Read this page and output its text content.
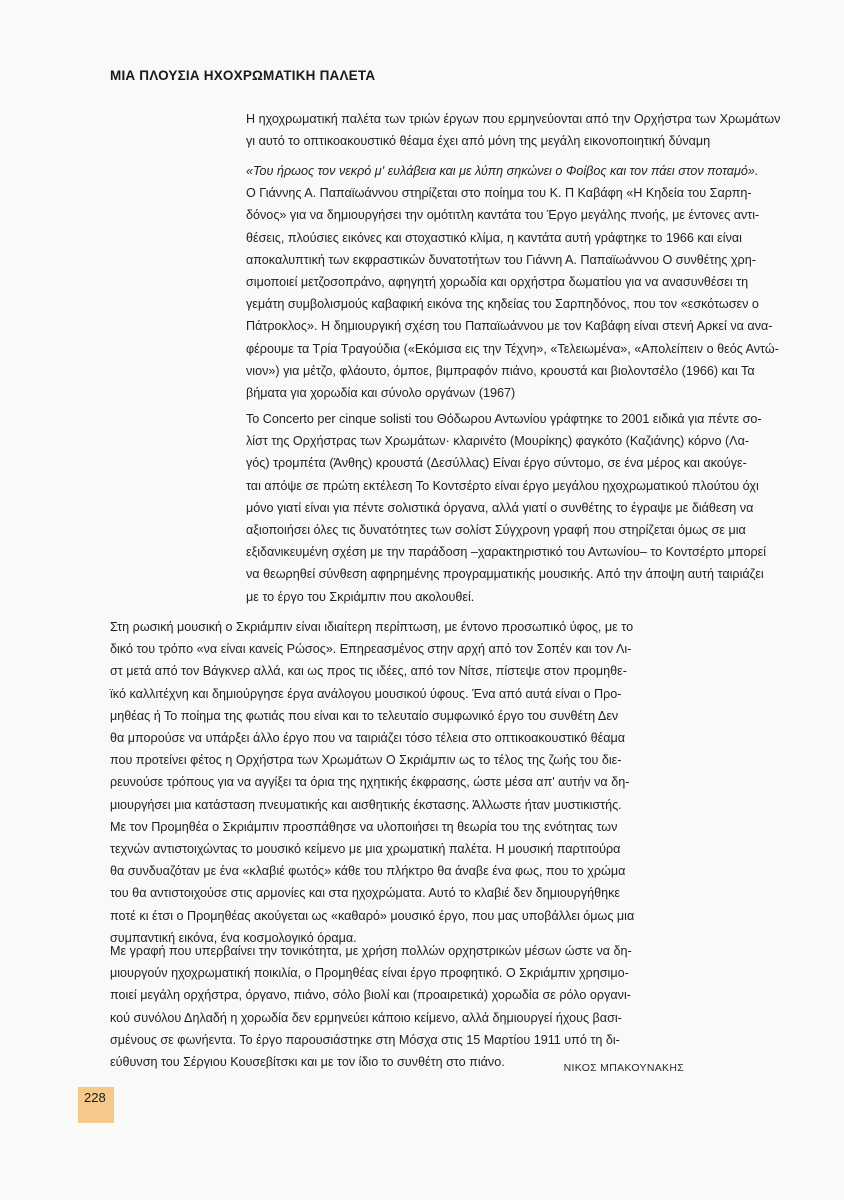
ΜΙΑ ΠΛΟΥΣΙΑ ΗΧΟΧΡΩΜΑΤΙΚΗ ΠΑΛΕΤΑ
Η ηχοχρωματική παλέτα των τριών έργων που ερμηνεύονται από την Ορχήστρα των Χρωμάτων
γι αυτό το οπτικοακουστικό θέαμα έχει από μόνη της μεγάλη εικονοποιητική δύναμη
«Του ήρωος τον νεκρό μ' ευλάβεια και με λύπη σηκώνει ο Φοίβος και τον πάει στον ποταμό».
Ο Γιάννης Α. Παπαϊωάννου στηρίζεται στο ποίημα του Κ. Π Καβάφη «Η Κηδεία του Σαρπη-
δόνος» για να δημιουργήσει την ομότιτλη καντάτα του Έργο μεγάλης πνοής, με έντονες αντι-
θέσεις, πλούσιες εικόνες και στοχαστικό κλίμα, η καντάτα αυτή γράφτηκε το 1966 και είναι
αποκαλυπτική των εκφραστικών δυνατοτήτων του Γιάννη Α. Παπαϊωάννου Ο συνθέτης χρη-
σιμοποιεί μετζοσοπράνο, αφηγητή χορωδία και ορχήστρα δωματίου για να ανασυνθέσει τη
γεμάτη συμβολισμούς καβαφική εικόνα της κηδείας του Σαρπηδόνος, που τον «εσκότωσεν ο
Πάτροκλος». Η δημιουργική σχέση του Παπαϊωάννου με τον Καβάφη είναι στενή Αρκεί να ανα-
φέρουμε τα Τρία Τραγούδια («Εκόμισα εις την Τέχνη», «Τελειωμένα», «Απολείπειν ο θεός Αντώ-
νιον») για μέτζο, φλάουτο, όμποε, βιμπραφόν πιάνο, κρουστά και βιολοντσέλο (1966) και Τα
βήματα για χορωδία και σύνολο οργάνων (1967)
Το Concerto per cinque solisti του Θόδωρου Αντωνίου γράφτηκε το 2001 ειδικά για πέντε σο-
λίστ της Ορχήστρας των Χρωμάτων· κλαρινέτο (Μουρίκης) φαγκότο (Καζιάνης) κόρνο (Λα-
γός) τρομπέτα (Άνθης) κρουστά (Δεσύλλας) Είναι έργο σύντομο, σε ένα μέρος και ακούγε-
ται απόψε σε πρώτη εκτέλεση Το Κοντσέρτο είναι έργο μεγάλου ηχοχρωματικού πλούτου όχι
μόνο γιατί είναι για πέντε σολιστικά όργανα, αλλά γιατί ο συνθέτης το έγραψε με διάθεση να
αξιοποιήσει όλες τις δυνατότητες των σολίστ Σύγχρονη γραφή που στηρίζεται όμως σε μια
εξιδανικευμένη σχέση με την παράδοση –χαρακτηριστικό του Αντωνίου– το Κοντσέρτο μπορεί
να θεωρηθεί σύνθεση αφηρημένης προγραμματικής μουσικής. Από την άποψη αυτή ταιριάζει
με το έργο του Σκριάμπιν που ακολουθεί.
Στη ρωσική μουσική ο Σκριάμπιν είναι ιδιαίτερη περίπτωση, με έντονο προσωπικό ύφος, με το
δικό του τρόπο «να είναι κανείς Ρώσος». Επηρεασμένος στην αρχή από τον Σοπέν και τον Λι-
στ μετά από τον Βάγκνερ αλλά, και ως προς τις ιδέες, από τον Νίτσε, πίστεψε στον προμηθε-
ϊκό καλλιτέχνη και δημιούργησε έργα ανάλογου μουσικού ύφους. Ένα από αυτά είναι ο Προ-
μηθέας ή Το ποίημα της φωτιάς που είναι και το τελευταίο συμφωνικό έργο του συνθέτη Δεν
θα μπορούσε να υπάρξει άλλο έργο που να ταιριάζει τόσο τέλεια στο οπτικοακουστικό θέαμα
που προτείνει φέτος η Ορχήστρα των Χρωμάτων Ο Σκριάμπιν ως το τέλος της ζωής του διε-
ρευνούσε τρόπους για να αγγίξει τα όρια της ηχητικής έκφρασης, ώστε μέσα απ' αυτήν να δη-
μιουργήσει μια κατάσταση πνευματικής και αισθητικής έκστασης. Άλλωστε ήταν μυστικιστής.
Με τον Προμηθέα ο Σκριάμπιν προσπάθησε να υλοποιήσει τη θεωρία του της ενότητας των
τεχνών αντιστοιχώντας το μουσικό κείμενο με μια χρωματική παλέτα. Η μουσική παρτιτούρα
θα συνδυαζόταν με ένα «κλαβιέ φωτός» κάθε του πλήκτρο θα άναβε ένα φως, που το χρώμα
του θα αντιστοιχούσε στις αρμονίες και στα ηχοχρώματα. Αυτό το κλαβιέ δεν δημιουργήθηκε
ποτέ κι έτσι ο Προμηθέας ακούγεται ως «καθαρό» μουσικό έργο, που μας υποβάλλει όμως μια
συμπαντική εικόνα, ένα κοσμολογικό όραμα.
Με γραφή που υπερβαίνει την τονικότητα, με χρήση πολλών ορχηστρικών μέσων ώστε να δη-
μιουργούν ηχοχρωματική ποικιλία, ο Προμηθέας είναι έργο προφητικό. Ο Σκριάμπιν χρησιμο-
ποιεί μεγάλη ορχήστρα, όργανο, πιάνο, σόλο βιολί και (προαιρετικά) χορωδία σε ρόλο οργανι-
κού συνόλου Δηλαδή η χορωδία δεν ερμηνεύει κάποιο κείμενο, αλλά δημιουργεί ήχους βασι-
σμένους σε φωνήεντα. Το έργο παρουσιάστηκε στη Μόσχα στις 15 Μαρτίου 1911 υπό τη δι-
εύθυνση του Σέργιου Κουσεβίτσκι και με τον ίδιο το συνθέτη στο πιάνο.	ΝΙΚΟΣ ΜΠΑΚΟΥΝΑΚΗΣ
228
